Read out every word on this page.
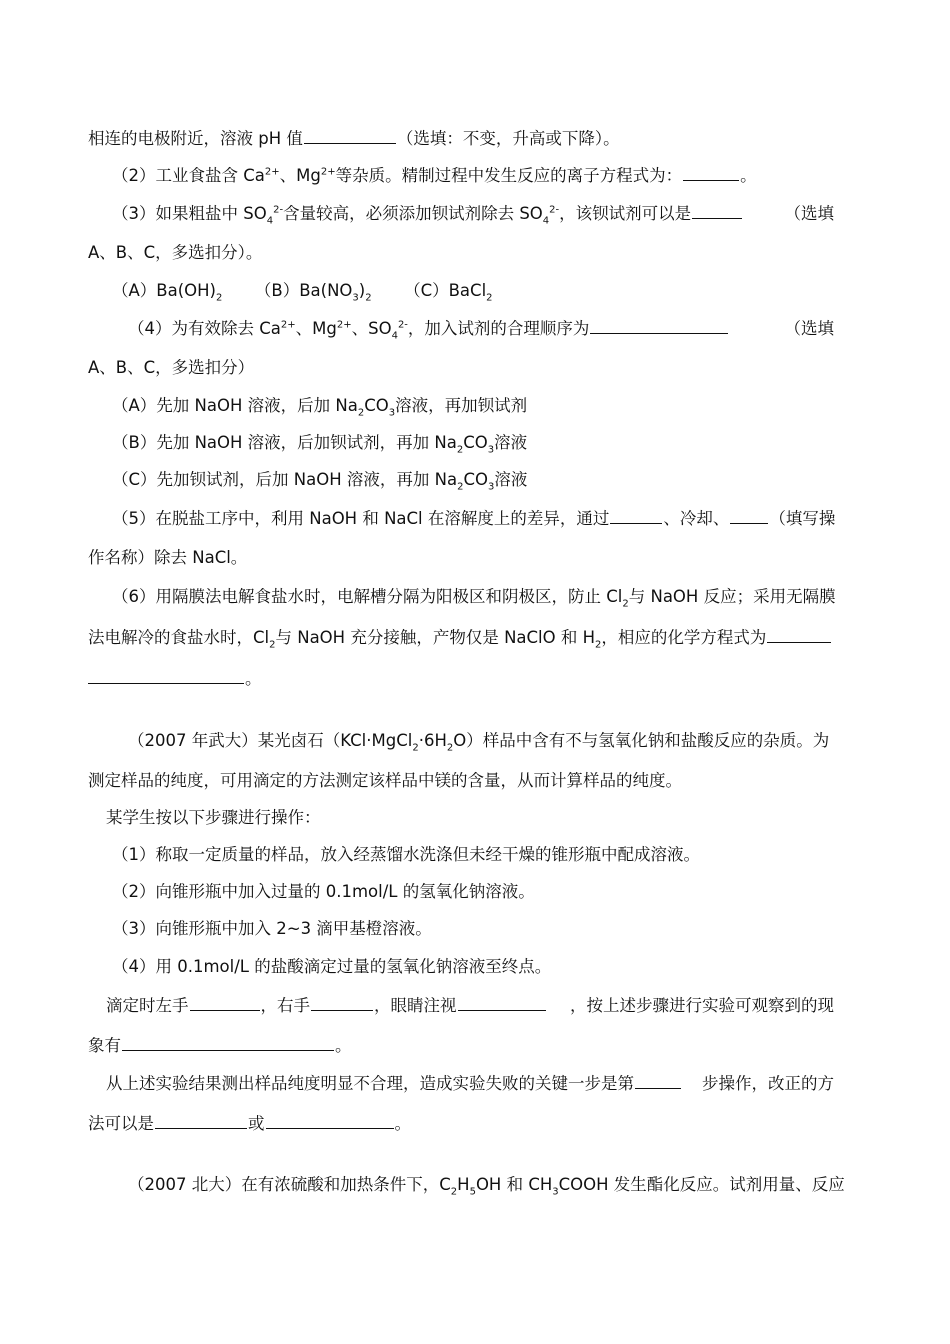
相连的电极附近，溶液 pH 值	（选填：不变，升高或下降）。
（2）工业食盐含 $Ca^{2+}$、$Mg^{2+}$等杂质。精制过程中发生反应的离子方程式为：	。
（3）如果粗盐中 $SO_4^{2-}$含量较高，必须添加钡试剂除去 $SO_4^{2-}$，该钡试剂可以是	（选填
A、B、C，多选扣分）。
$(A)Ba(OH)_2$ $(B)Ba(NO_3)_2$ （C）BaCl$_2$
（4）为有效除去 $Ca^{2+}$、$Mg^{2+}$、$SO_4^{2-}$，加入试剂的合理顺序为	（选填
A、B、C，多选扣分）
（A）先加 NaOH 溶液，后加 $Na_2CO_3$溶液，再加钡试剂
（B）先加 NaOH 溶液，后加钡试剂，再加 $Na_2CO_3$溶液
（C）先加钡试剂，后加 NaOH 溶液，再加 $Na_2CO_3$溶液
（5）在脱盐工序中，利用 NaOH 和 NaCl 在溶解度上的差异，通过	、冷却、	（填写操
作名称）除去 NaCl。
（6）用隔膜法电解食盐水时，电解槽分隔为阳极区和阴极区，防止 $Cl_2$与 NaOH 反应；采用无隔膜
法电解冷的食盐水时，$Cl_2$与 NaOH 充分接触，产物仅是 NaClO 和 $H_2$，相应的化学方程式为
。
（2007 年武大）某光卤石$(KCl\cdot MgCl_2\cdot 6H_2O)$样品中含有不与氢氧化钠和盐酸反应的杂质。为
测定样品的纯度，可用滴定的方法测定该样品中镁的含量，从而计算样品的纯度。
某学生按以下步骤进行操作：
（1）称取一定质量的样品，放入经蒸馏水洗涤但未经干燥的锥形瓶中配成溶液。
（2）向锥形瓶中加入过量的 0.1mol/L 的氢氧化钠溶液。
（3）向锥形瓶中加入 2~3 滴甲基橙溶液。
（4）用 0.1mol/L 的盐酸滴定过量的氢氧化钠溶液至终点。
滴定时左手	，右手	，眼睛注视	，按上述步骤进行实验可观察到的现
象有	。
从上述实验结果测出样品纯度明显不合理，造成实验失败的关键一步是第	步操作，改正的方
法可以是	或	。
（2007 北大）在有浓硫酸和加热条件下，$C_2H_5OH$ 和 $CH_3COOH$ 发生酯化反应。试剂用量、反应
